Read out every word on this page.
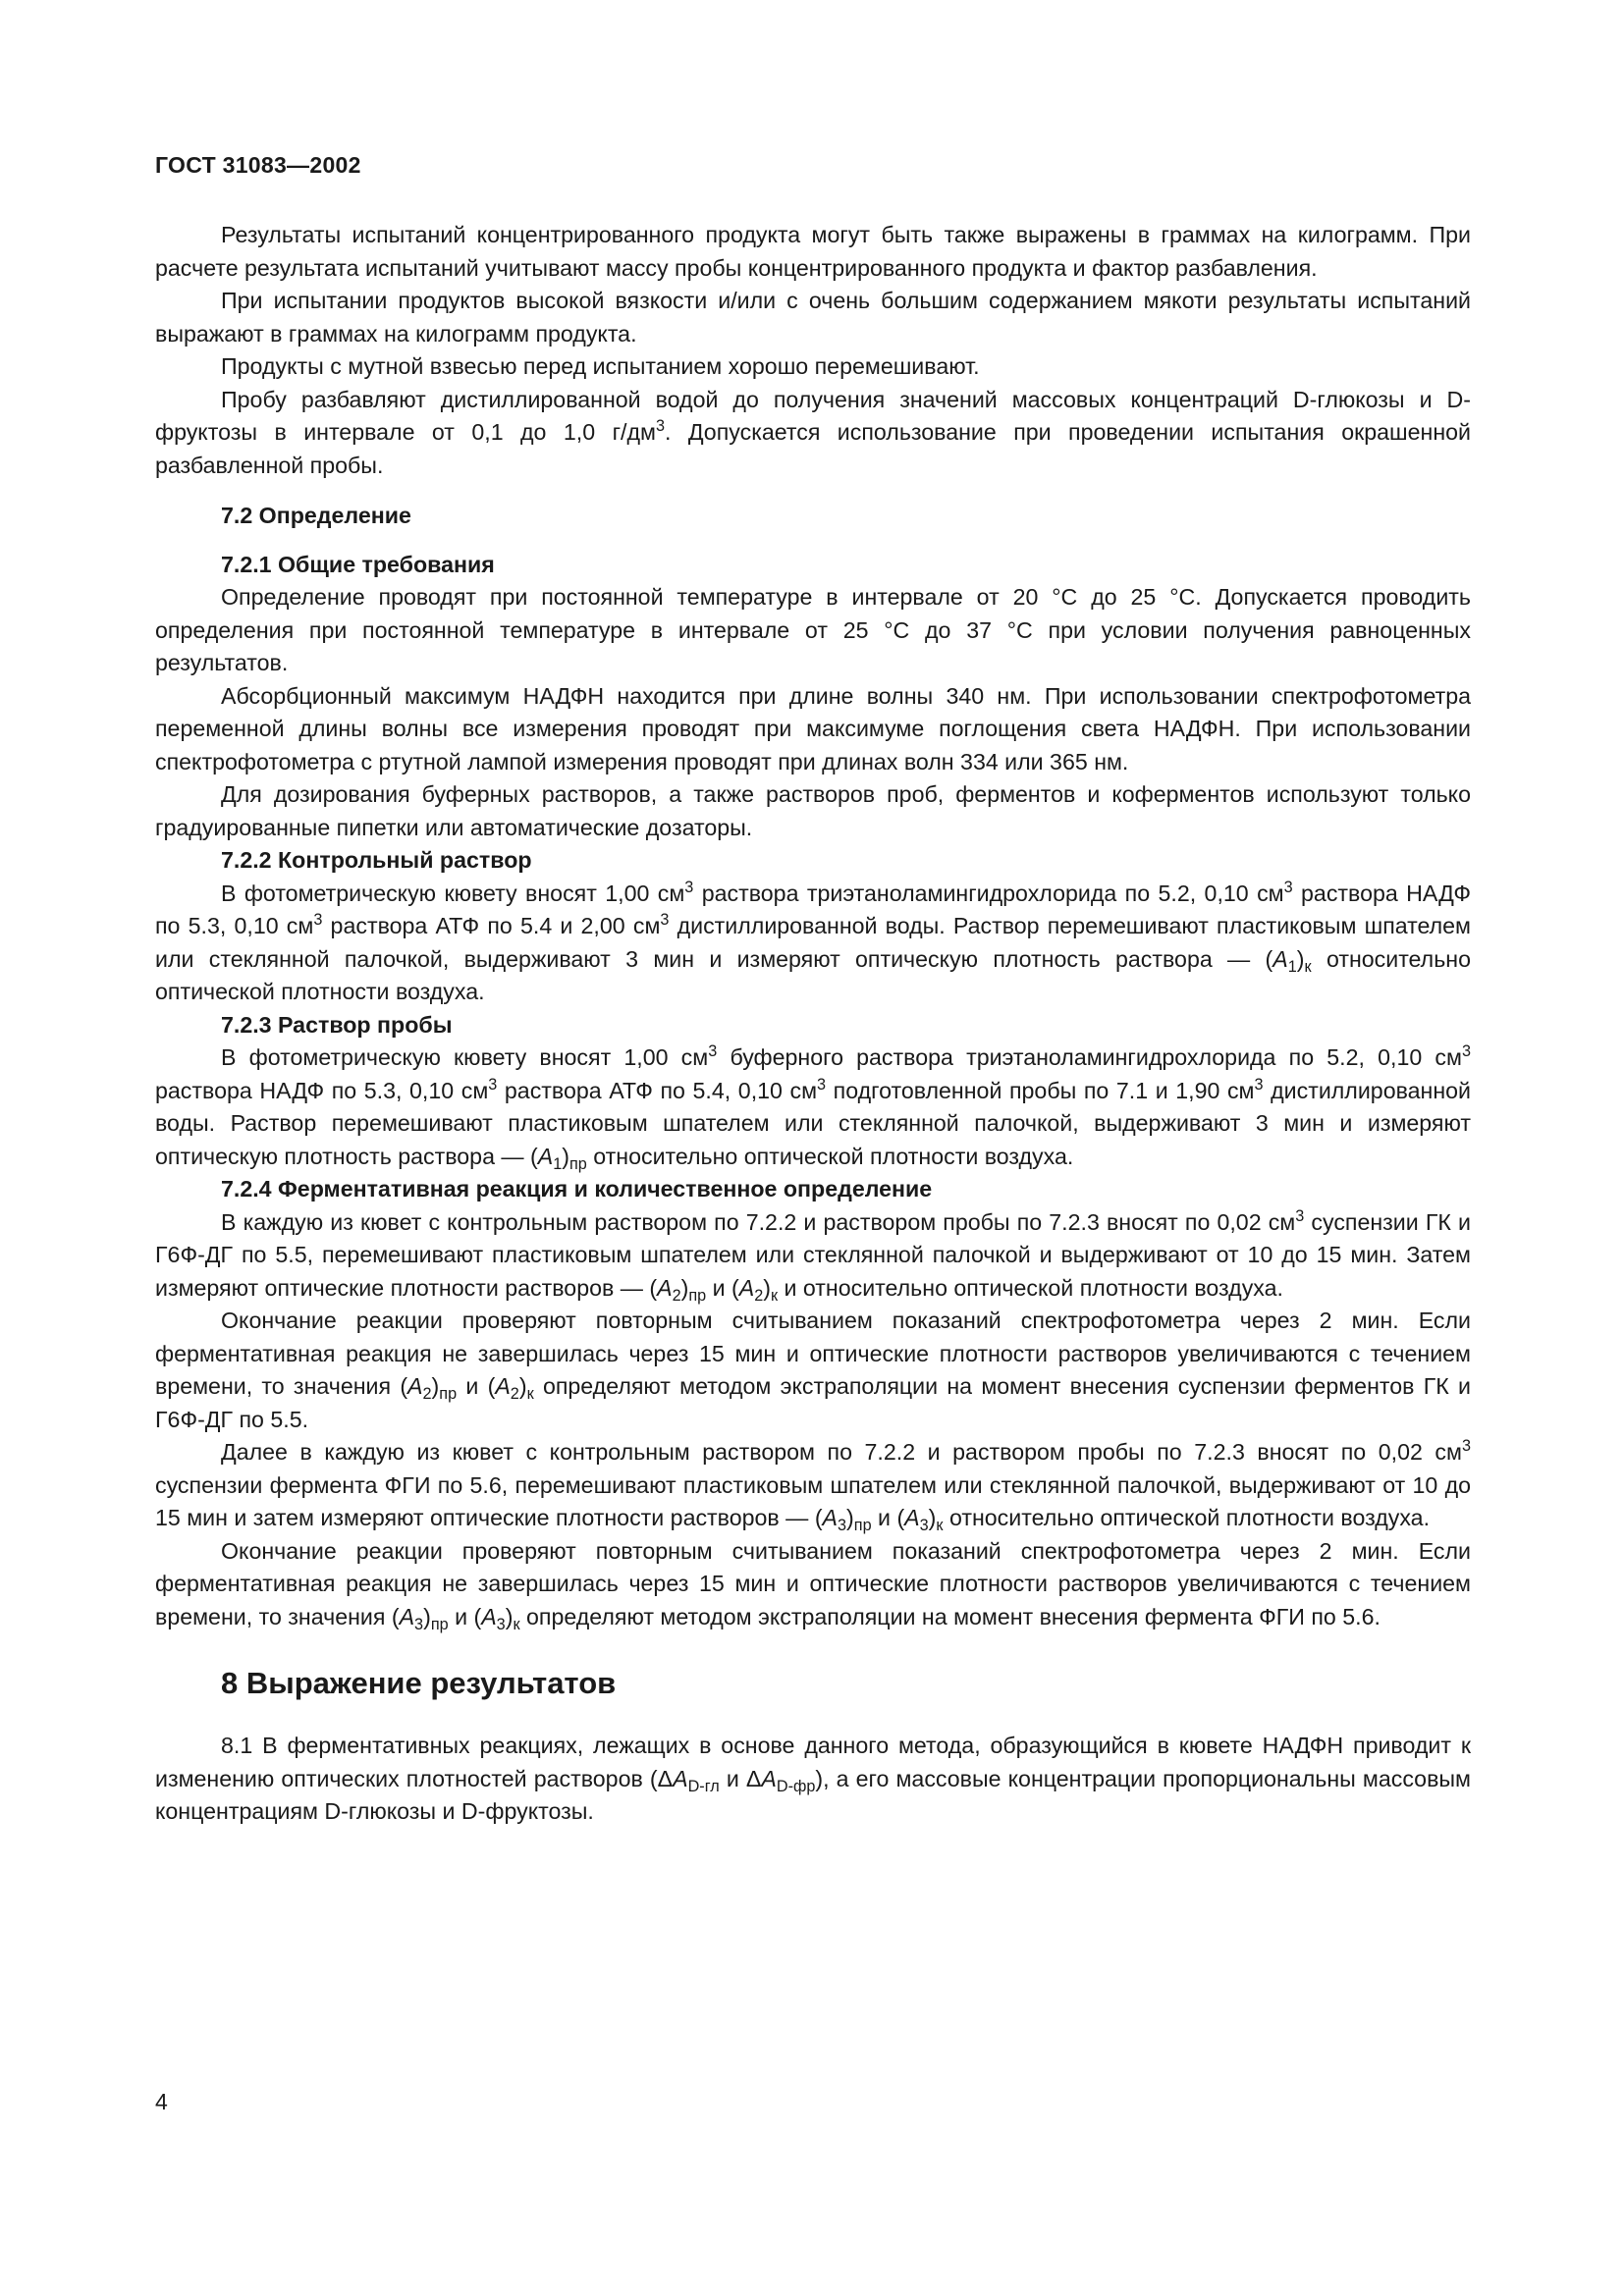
ГОСТ 31083—2002

Результаты испытаний концентрированного продукта могут быть также выражены в граммах на килограмм. При расчете результата испытаний учитывают массу пробы концентрированного продукта и фактор разбавления.

При испытании продуктов высокой вязкости и/или с очень большим содержанием мякоти результаты испытаний выражают в граммах на килограмм продукта.

Продукты с мутной взвесью перед испытанием хорошо перемешивают.

Пробу разбавляют дистиллированной водой до получения значений массовых концентраций D-глюкозы и D-фруктозы в интервале от 0,1 до 1,0 $г/дм^3$. Допускается использование при проведении испытания окрашенной разбавленной пробы.

7.2 Определение
7.2.1 Общие требования

Определение проводят при постоянной температуре в интервале от 20 °С до 25 °С. Допускается проводить определения при постоянной температуре в интервале от 25 °С до 37 °С при условии получения равноценных результатов.

Абсорбционный максимум НАДФН находится при длине волны 340 нм. При использовании спектрофотометра переменной длины волны все измерения проводят при максимуме поглощения света НАДФН. При использовании спектрофотометра с ртутной лампой измерения проводят при длинах волн 334 или 365 нм.

Для дозирования буферных растворов, а также растворов проб, ферментов и коферментов используют только градуированные пипетки или автоматические дозаторы.

7.2.2 Контрольный раствор

В фотометрическую кювету вносят 1,00 $см^3$ раствора триэтаноламингидрохлорида по 5.2, 0,10 $см^3$ раствора НАДФ по 5.3, 0,10 $см^3$ раствора АТФ по 5.4 и 2,00 $см^3$ дистиллированной воды. Раствор перемешивают пластиковым шпателем или стеклянной палочкой, выдерживают 3 мин и измеряют оптическую плотность раствора — $(A_1)_к$ относительно оптической плотности воздуха.

7.2.3 Раствор пробы

В фотометрическую кювету вносят 1,00 $см^3$ буферного раствора триэтаноламингидрохлорида по 5.2, 0,10 $см^3$ раствора НАДФ по 5.3, 0,10 $см^3$ раствора АТФ по 5.4, 0,10 $см^3$ подготовленной пробы по 7.1 и 1,90 $см^3$ дистиллированной воды. Раствор перемешивают пластиковым шпателем или стеклянной палочкой, выдерживают 3 мин и измеряют оптическую плотность раствора — $(A_1)_{пр}$ относительно оптической плотности воздуха.

7.2.4 Ферментативная реакция и количественное определение

В каждую из кювет с контрольным раствором по 7.2.2 и раствором пробы по 7.2.3 вносят по 0,02 $см^3$ суспензии ГК и Г6Ф-ДГ по 5.5, перемешивают пластиковым шпателем или стеклянной палочкой и выдерживают от 10 до 15 мин. Затем измеряют оптические плотности растворов — $(A_2)_{пр}$ и $(A_2)_к$ и относительно оптической плотности воздуха.

Окончание реакции проверяют повторным считыванием показаний спектрофотометра через 2 мин. Если ферментативная реакция не завершилась через 15 мин и оптические плотности растворов увеличиваются с течением времени, то значения $(A_2)_{пр}$ и $(A_2)_к$ определяют методом экстраполяции на момент внесения суспензии ферментов ГК и Г6Ф-ДГ по 5.5.

Далее в каждую из кювет с контрольным раствором по 7.2.2 и раствором пробы по 7.2.3 вносят по 0,02 $см^3$ суспензии фермента ФГИ по 5.6, перемешивают пластиковым шпателем или стеклянной палочкой, выдерживают от 10 до 15 мин и затем измеряют оптические плотности растворов — $(A_3)_{пр}$ и $(A_3)_к$ относительно оптической плотности воздуха.

Окончание реакции проверяют повторным считыванием показаний спектрофотометра через 2 мин. Если ферментативная реакция не завершилась через 15 мин и оптические плотности растворов увеличиваются с течением времени, то значения $(A_3)_{пр}$ и $(A_3)_к$ определяют методом экстраполяции на момент внесения фермента ФГИ по 5.6.

8 Выражение результатов

8.1 В ферментативных реакциях, лежащих в основе данного метода, образующийся в кювете НАДФН приводит к изменению оптических плотностей растворов ($\Delta A_{D-гл}$ и $\Delta A_{D-фр}$), а его массовые концентрации пропорциональны массовым концентрациям D-глюкозы и D-фруктозы.

4
